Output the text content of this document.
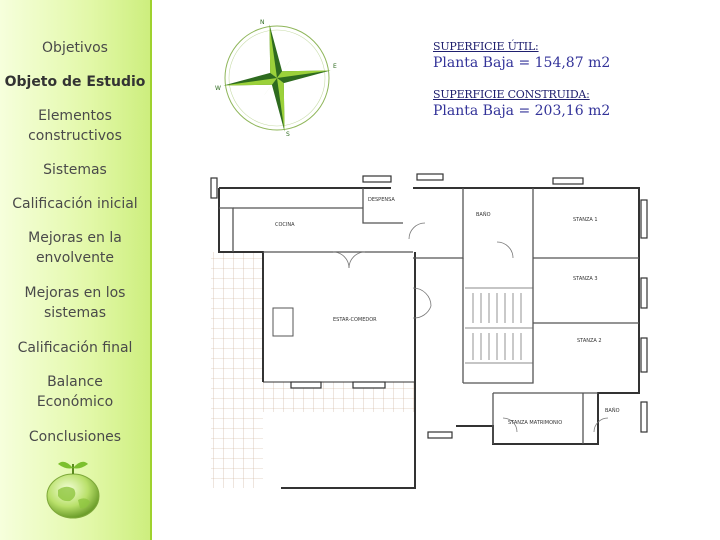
Objetivos
Objeto de Estudio
Elementos constructivos
Sistemas
Calificación inicial
Mejoras en la envolvente
Mejoras en los sistemas
Calificación final
Balance Económico
Conclusiones
N
S
E
W
SUPERFICIE ÚTIL:
Planta Baja = 154,87 m2
SUPERFICIE CONSTRUIDA:
Planta Baja = 203,16 m2
COCINA
DESPENSA
BAÑO
ESTAR-COMEDOR
STANZA 1
STANZA 3
STANZA 2
STANZA MATRIMONIO
BAÑO
